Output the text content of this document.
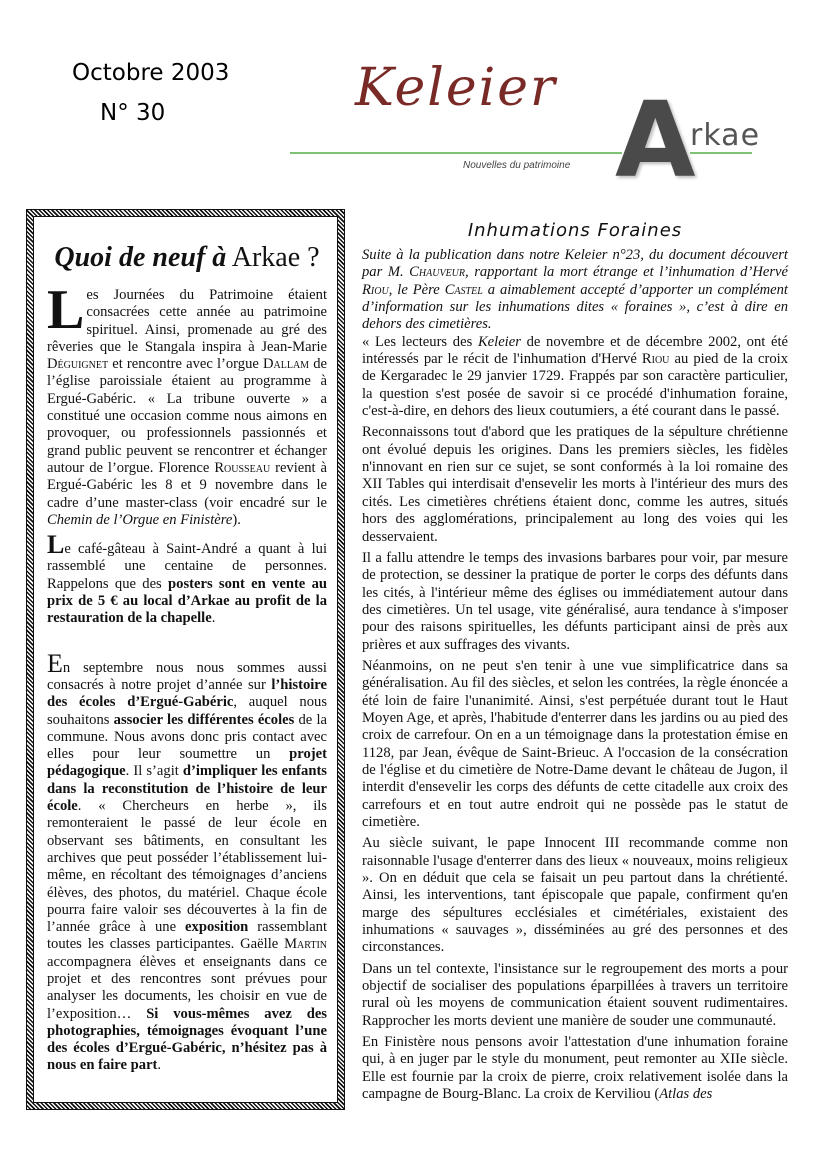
Octobre 2003
N° 30	Keleier
Nouvelles du patrimoine A
rkae
Quoi de neuf à Arkae ?

Les Journées du Patrimoine étaient consacrées cette année au patrimoine spirituel. Ainsi, promenade au gré des rêveries que le Stangala inspira à Jean-Marie Déguignet et rencontre avec l’orgue Dallam de l’église paroissiale étaient au programme à Ergué-Gabéric. « La tribune ouverte » a constitué une occasion comme nous aimons en provoquer, ou professionnels passionnés et grand public peuvent se rencontrer et échanger autour de l’orgue. Florence Rousseau revient à Ergué-Gabéric les 8 et 9 novembre dans le cadre d’une master-class (voir encadré sur le Chemin de l’Orgue en Finistère).

Le café-gâteau à Saint-André a quant à lui rassemblé une centaine de personnes. Rappelons que des posters sont en vente au prix de 5 € au local d’Arkae au profit de la restauration de la chapelle.

En septembre nous nous sommes aussi consacrés à notre projet d’année sur l’histoire des écoles d’Ergué-Gabéric, auquel nous souhaitons associer les différentes écoles de la commune. Nous avons donc pris contact avec elles pour leur soumettre un projet pédagogique. Il s’agit d’impliquer les enfants dans la reconstitution de l’histoire de leur école. « Chercheurs en herbe », ils remonteraient le passé de leur école en observant ses bâtiments, en consultant les archives que peut posséder l’établissement lui-même, en récoltant des témoignages d’anciens élèves, des photos, du matériel. Chaque école pourra faire valoir ses découvertes à la fin de l’année grâce à une exposition rassemblant toutes les classes participantes. Gaëlle Martin accompagnera élèves et enseignants dans ce projet et des rencontres sont prévues pour analyser les documents, les choisir en vue de l’exposition… Si vous-mêmes avez des photographies, témoignages évoquant l’une des écoles d’Ergué-Gabéric, n’hésitez pas à nous en faire part.

Inhumations Foraines

Suite à la publication dans notre Keleier n°23, du document découvert par M. Chauveur, rapportant la mort étrange et l’inhumation d’Hervé Riou, le Père Castel a aimablement accepté d’apporter un complément d’information sur les inhumations dites « foraines », c’est à dire en dehors des cimetières.

« Les lecteurs des Keleier de novembre et de décembre 2002, ont été intéressés par le récit de l'inhumation d'Hervé Riou au pied de la croix de Kergaradec le 29 janvier 1729. Frappés par son caractère particulier, la question s'est posée de savoir si ce procédé d'inhumation foraine, c'est-à-dire, en dehors des lieux coutumiers, a été courant dans le passé.

Reconnaissons tout d'abord que les pratiques de la sépulture chrétienne ont évolué depuis les origines. Dans les premiers siècles, les fidèles n'innovant en rien sur ce sujet, se sont conformés à la loi romaine des XII Tables qui interdisait d'ensevelir les morts à l'intérieur des murs des cités. Les cimetières chrétiens étaient donc, comme les autres, situés hors des agglomérations, principalement au long des voies qui les desservaient.

Il a fallu attendre le temps des invasions barbares pour voir, par mesure de protection, se dessiner la pratique de porter le corps des défunts dans les cités, à l'intérieur même des églises ou immédiatement autour dans des cimetières. Un tel usage, vite généralisé, aura tendance à s'imposer pour des raisons spirituelles, les défunts participant ainsi de près aux prières et aux suffrages des vivants.

Néanmoins, on ne peut s'en tenir à une vue simplificatrice dans sa généralisation. Au fil des siècles, et selon les contrées, la règle énoncée a été loin de faire l'unanimité. Ainsi, s'est perpétuée durant tout le Haut Moyen Age, et après, l'habitude d'enterrer dans les jardins ou au pied des croix de carrefour. On en a un témoignage dans la protestation émise en 1128, par Jean, évêque de Saint-Brieuc. A l'occasion de la consécration de l'église et du cimetière de Notre-Dame devant le château de Jugon, il interdit d'ensevelir les corps des défunts de cette citadelle aux croix des carrefours et en tout autre endroit qui ne possède pas le statut de cimetière.

Au siècle suivant, le pape Innocent III recommande comme non raisonnable l'usage d'enterrer dans des lieux « nouveaux, moins religieux ». On en déduit que cela se faisait un peu partout dans la chrétienté. Ainsi, les interventions, tant épiscopale que papale, confirment qu'en marge des sépultures ecclésiales et cimétériales, existaient des inhumations « sauvages », disséminées au gré des personnes et des circonstances.

Dans un tel contexte, l'insistance sur le regroupement des morts a pour objectif de socialiser des populations éparpillées à travers un territoire rural où les moyens de communication étaient souvent rudimentaires. Rapprocher les morts devient une manière de souder une communauté.

En Finistère nous pensons avoir l'attestation d'une inhumation foraine qui, à en juger par le style du monument, peut remonter au XIIe siècle. Elle est fournie par la croix de pierre, croix relativement isolée dans la campagne de Bourg-Blanc. La croix de Kerviliou (Atlas des
